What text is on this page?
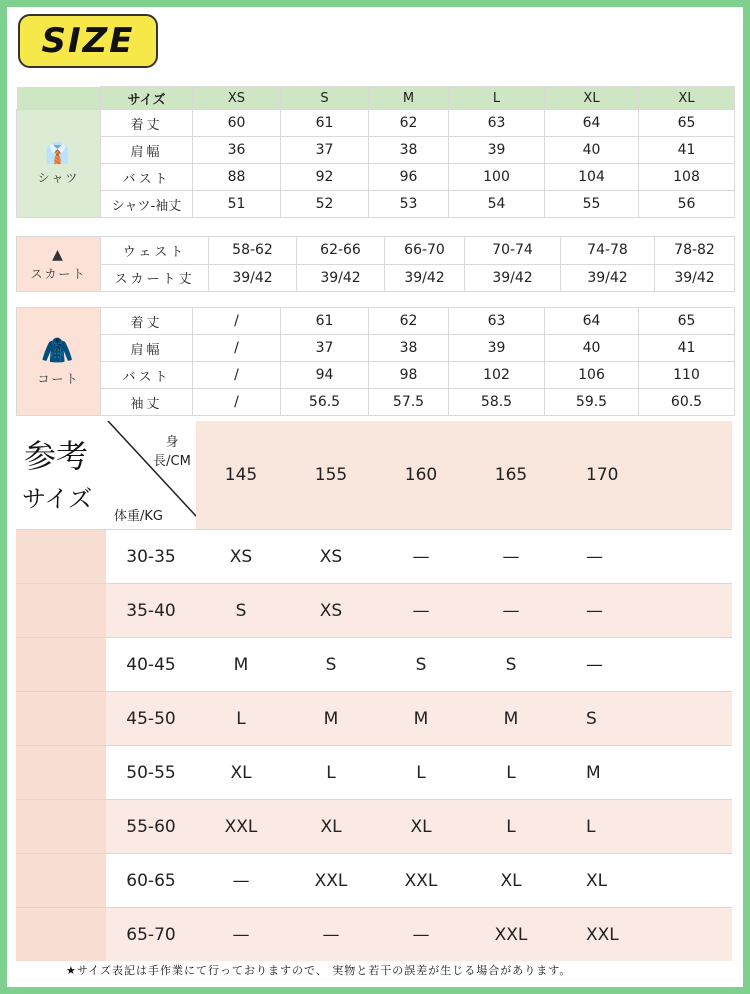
SIZE
	サイズ	XS	S	M	L	XL	XL

👔
シャツ	着丈	60	61	62	63	64	65
	肩幅	36	37	38	39	40	41
	バスト	88	92	96	100	104	108
	シャツ-袖丈	51	52	53	54	55	56
▲
スカート	ウェスト	58-62	62-66	66-70	70-74	74-78	78-82
	スカート丈	39/42	39/42	39/42	39/42	39/42	39/42
🧥
コート	着丈	/	61	62	63	64	65
	肩幅	/	37	38	39	40	41
	バスト	/	94	98	102	106	110
	袖丈	/	56.5	57.5	58.5	59.5	60.5
参考
サイズ
身長/CM
体重/KG		145	155	160	165	170
	30-35	XS	XS	—	—	—
	35-40	S	XS	—	—	—
	40-45	M	S	S	S	—
	45-50	L	M	M	M	S
	50-55	XL	L	L	L	M
	55-60	XXL	XL	XL	L	L
	60-65	—	XXL	XXL	XL	XL
	65-70	—	—	—	XXL	XXL
★サイズ表記は手作業にて行っておりますので、 実物と若干の誤差が生じる場合があります。
